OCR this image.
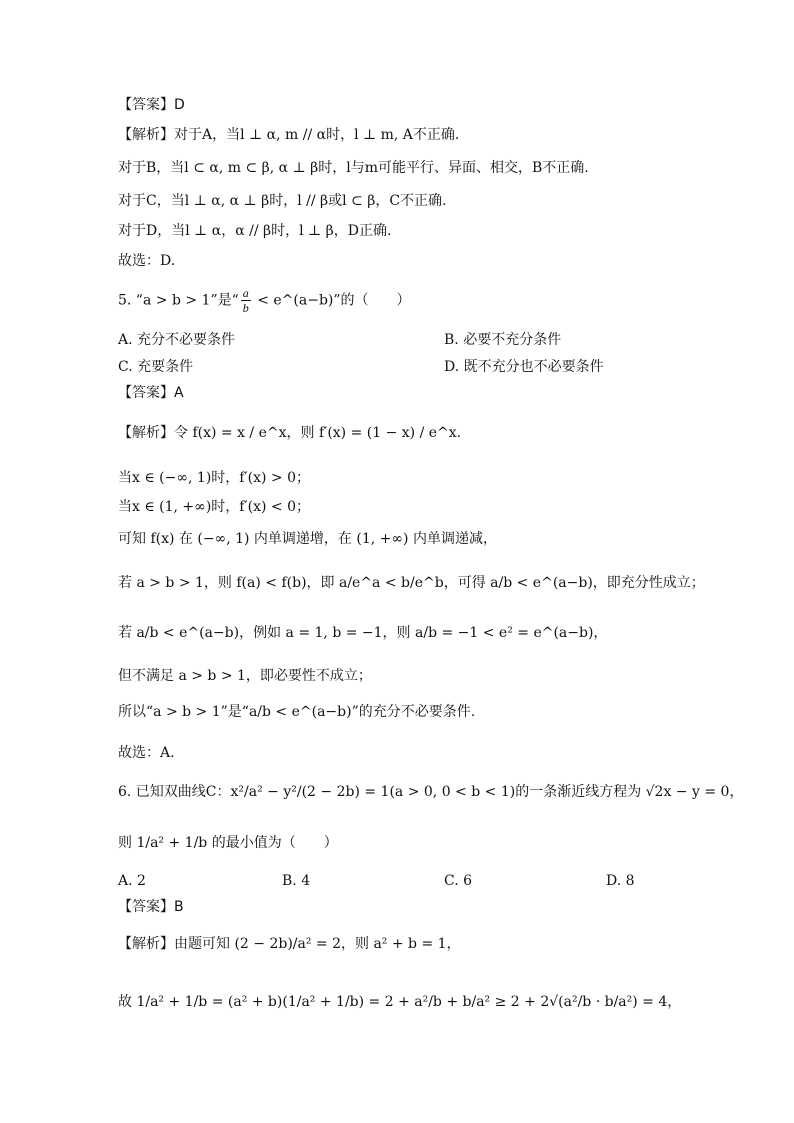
【答案】D
【解析】对于A，当l ⊥ α, m // α时，l ⊥ m, A不正确.
对于B，当l ⊂ α, m ⊂ β, α ⊥ β时，l与m可能平行、异面、相交，B不正确.
对于C，当l ⊥ α, α ⊥ β时，l // β或l ⊂ β，C不正确.
对于D，当l ⊥ α，α // β时，l ⊥ β，D正确.
故选：D.
5. “a > b > 1”是“ $\frac{a}{b}$ < e^(a−b)”的（　　）
A. 充分不必要条件	B. 必要不充分条件
C. 充要条件	D. 既不充分也不必要条件
【答案】A
【解析】令 f(x) = x / e^x，则 f′(x) = (1 − x) / e^x.
当x ∈ (−∞, 1)时，f′(x) > 0；
当x ∈ (1, +∞)时，f′(x) < 0；
可知 f(x) 在 (−∞, 1) 内单调递增，在 (1, +∞) 内单调递减，
若 a > b > 1，则 f(a) < f(b)，即 a/e^a < b/e^b，可得 a/b < e^(a−b)，即充分性成立；
若 a/b < e^(a−b)，例如 a = 1, b = −1，则 a/b = −1 < e² = e^(a−b)，
但不满足 a > b > 1，即必要性不成立；
所以“a > b > 1”是“a/b < e^(a−b)”的充分不必要条件.
故选：A.
6. 已知双曲线C：x²/a² − y²/(2 − 2b) = 1(a > 0, 0 < b < 1)的一条渐近线方程为 √2x − y = 0，
则 1/a² + 1/b 的最小值为（　　）
A. 2	B. 4	C. 6	D. 8
【答案】B
【解析】由题可知 (2 − 2b)/a² = 2，则 a² + b = 1，
故 1/a² + 1/b = (a² + b)(1/a² + 1/b) = 2 + a²/b + b/a² ≥ 2 + 2√(a²/b · b/a²) = 4，
